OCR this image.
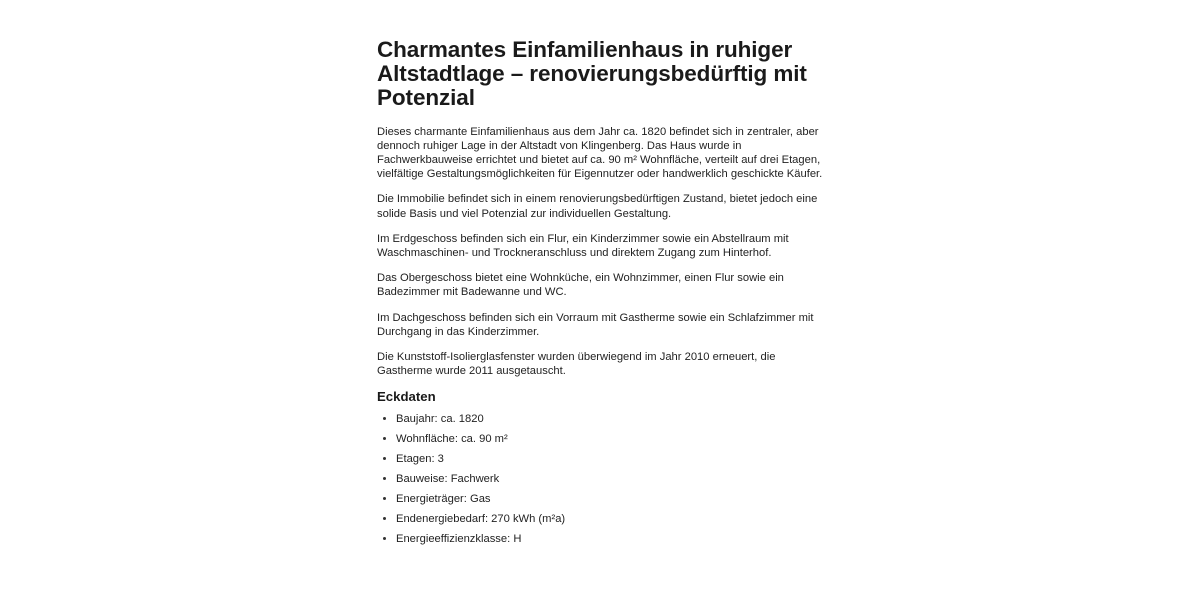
Charmantes Einfamilienhaus in ruhiger Altstadtlage – renovierungsbedürftig mit Potenzial

Dieses charmante Einfamilienhaus aus dem Jahr ca. 1820 befindet sich in zentraler, aber dennoch ruhiger Lage in der Altstadt von Klingenberg. Das Haus wurde in Fachwerkbauweise errichtet und bietet auf ca. 90 m² Wohnfläche, verteilt auf drei Etagen, vielfältige Gestaltungsmöglichkeiten für Eigennutzer oder handwerklich geschickte Käufer.

Die Immobilie befindet sich in einem renovierungsbedürftigen Zustand, bietet jedoch eine solide Basis und viel Potenzial zur individuellen Gestaltung.

Im Erdgeschoss befinden sich ein Flur, ein Kinderzimmer sowie ein Abstellraum mit Waschmaschinen- und Trockneranschluss und direktem Zugang zum Hinterhof.

Das Obergeschoss bietet eine Wohnküche, ein Wohnzimmer, einen Flur sowie ein Badezimmer mit Badewanne und WC.

Im Dachgeschoss befinden sich ein Vorraum mit Gastherme sowie ein Schlafzimmer mit Durchgang in das Kinderzimmer.

Die Kunststoff-Isolierglasfenster wurden überwiegend im Jahr 2010 erneuert, die Gastherme wurde 2011 ausgetauscht.

Eckdaten
Baujahr: ca. 1820
Wohnfläche: ca. 90 m²
Etagen: 3
Bauweise: Fachwerk
Energieträger: Gas
Endenergiebedarf: 270 kWh (m²a)
Energieeffizienzklasse: H
